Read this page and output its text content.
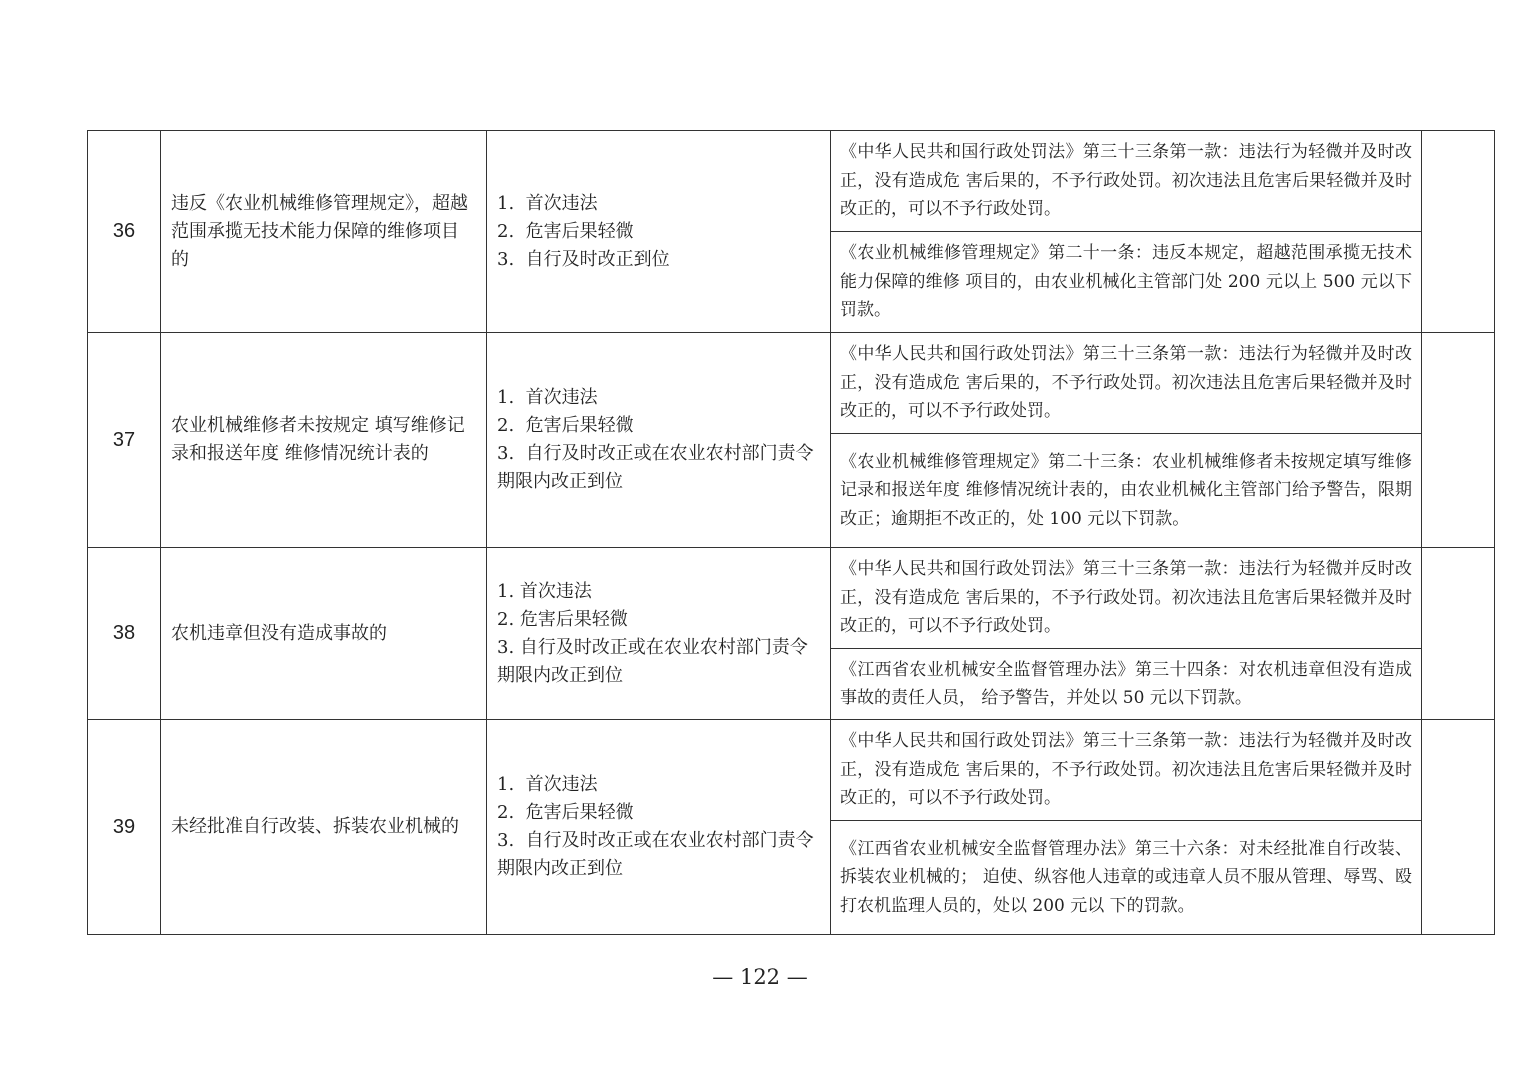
36	违反《农业机械维修管理规定》，超越范围承揽无技术能力保障的维修项目的	1.  首次违法
2.  危害后果轻微
3.  自行及时改正到位	《中华人民共和国行政处罚法》第三十三条第一款：违法行为轻微并及时改正，没有造成危 害后果的，不予行政处罚。初次违法且危害后果轻微并及时改正的，可以不予行政处罚。	
			《农业机械维修管理规定》第二十一条：违反本规定，超越范围承揽无技术能力保障的维修 项目的，由农业机械化主管部门处 200 元以上 500 元以下罚款。	
37	农业机械维修者未按规定 填写维修记录和报送年度 维修情况统计表的	1.  首次违法
2.  危害后果轻微
3.  自行及时改正或在农业农村部门责令期限内改正到位	《中华人民共和国行政处罚法》第三十三条第一款：违法行为轻微并及时改正，没有造成危 害后果的，不予行政处罚。初次违法且危害后果轻微并及时改正的，可以不予行政处罚。	
			《农业机械维修管理规定》第二十三条：农业机械维修者未按规定填写维修记录和报送年度 维修情况统计表的，由农业机械化主管部门给予警告，限期改正；逾期拒不改正的，处 100 元以下罚款。	
38	农机违章但没有造成事故的	1. 首次违法
2. 危害后果轻微
3. 自行及时改正或在农业农村部门责令期限内改正到位	《中华人民共和国行政处罚法》第三十三条第一款：违法行为轻微并反时改正，没有造成危 害后果的，不予行政处罚。初次违法且危害后果轻微并及时改正的，可以不予行政处罚。	
			《江西省农业机械安全监督管理办法》第三十四条：对农机违章但没有造成事故的责任人员， 给予警告，并处以 50 元以下罚款。	
39	未经批准自行改装、拆装农业机械的	1.  首次违法
2.  危害后果轻微
3.  自行及时改正或在农业农村部门责令期限内改正到位	《中华人民共和国行政处罚法》第三十三条第一款：违法行为轻微并及时改正，没有造成危 害后果的，不予行政处罚。初次违法且危害后果轻微并及时改正的，可以不予行政处罚。	
			《江西省农业机械安全监督管理办法》第三十六条：对未经批准自行改装、拆装农业机械的； 迫使、纵容他人违章的或违章人员不服从管理、辱骂、殴打农机监理人员的，处以 200 元以 下的罚款。	
— 122 —
